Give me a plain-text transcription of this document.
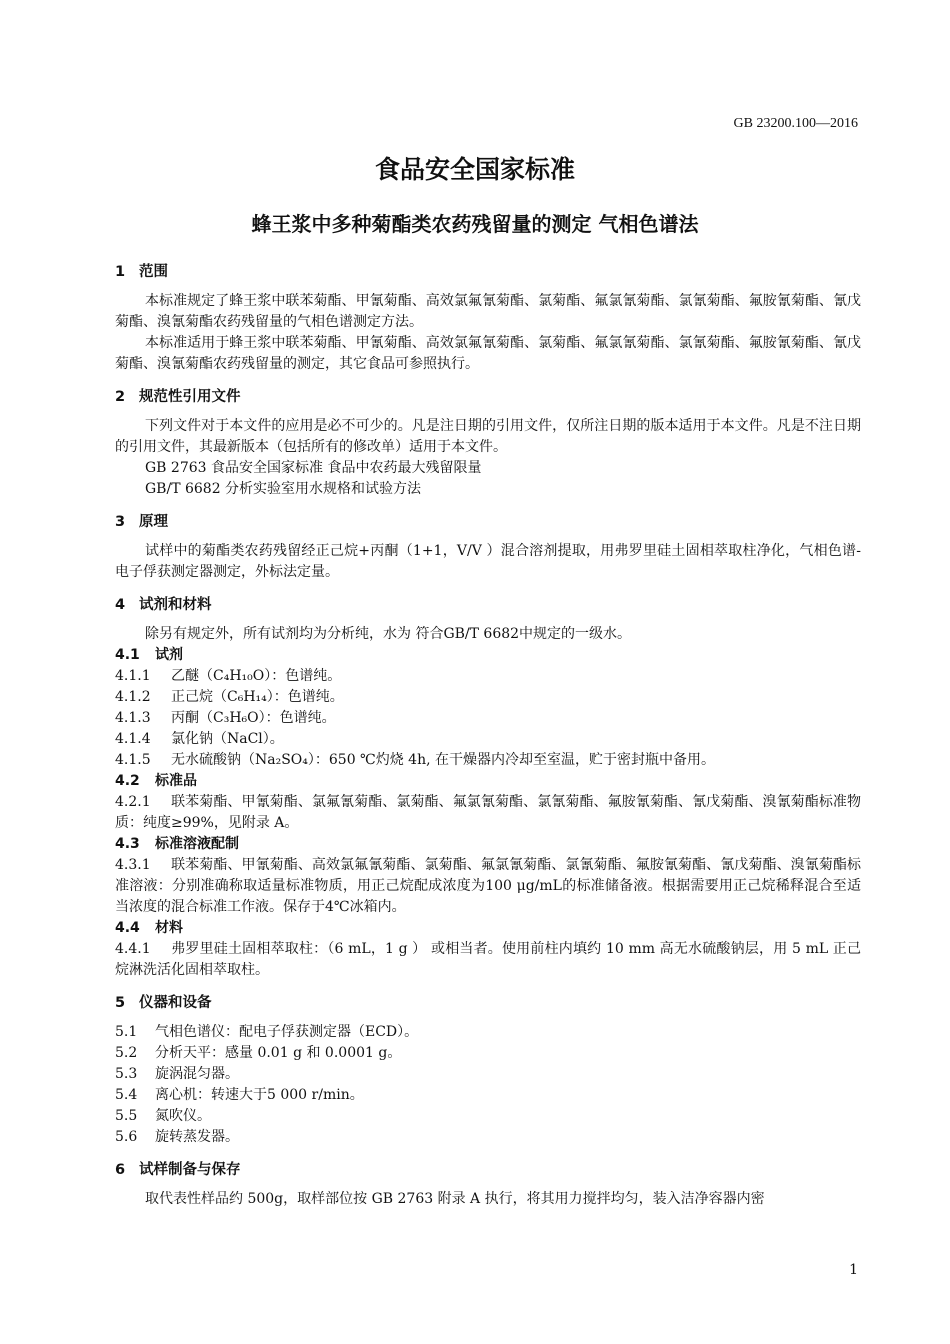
GB 23200.100—2016
食品安全国家标准
蜂王浆中多种菊酯类农药残留量的测定 气相色谱法
1 范围

本标准规定了蜂王浆中联苯菊酯、甲氰菊酯、高效氯氟氰菊酯、氯菊酯、氟氯氰菊酯、氯氰菊酯、氟胺氰菊酯、氰戊菊酯、溴氰菊酯农药残留量的气相色谱测定方法。

本标准适用于蜂王浆中联苯菊酯、甲氰菊酯、高效氯氟氰菊酯、氯菊酯、氟氯氰菊酯、氯氰菊酯、氟胺氰菊酯、氰戊菊酯、溴氰菊酯农药残留量的测定，其它食品可参照执行。

2 规范性引用文件

下列文件对于本文件的应用是必不可少的。凡是注日期的引用文件，仅所注日期的版本适用于本文件。凡是不注日期的引用文件，其最新版本（包括所有的修改单）适用于本文件。

GB 2763 食品安全国家标准 食品中农药最大残留限量

GB/T 6682 分析实验室用水规格和试验方法

3 原理

试样中的菊酯类农药残留经正己烷+丙酮（1+1，V/V ）混合溶剂提取，用弗罗里硅土固相萃取柱净化，气相色谱-电子俘获测定器测定，外标法定量。

4 试剂和材料

除另有规定外，所有试剂均为分析纯，水为 符合GB/T 6682中规定的一级水。

4.1 试剂

4.1.1 乙醚（C₄H₁₀O）：色谱纯。

4.1.2 正己烷（C₆H₁₄）：色谱纯。

4.1.3 丙酮（C₃H₆O）：色谱纯。

4.1.4 氯化钠（NaCl）。

4.1.5 无水硫酸钠（Na₂SO₄）：650 ℃灼烧 4h, 在干燥器内冷却至室温，贮于密封瓶中备用。

4.2 标准品

4.2.1 联苯菊酯、甲氰菊酯、氯氟氰菊酯、氯菊酯、氟氯氰菊酯、氯氰菊酯、氟胺氰菊酯、氰戊菊酯、溴氰菊酯标准物质：纯度≥99%，见附录 A。

4.3 标准溶液配制

4.3.1 联苯菊酯、甲氰菊酯、高效氯氟氰菊酯、氯菊酯、氟氯氰菊酯、氯氰菊酯、氟胺氰菊酯、氰戊菊酯、溴氰菊酯标准溶液：分别准确称取适量标准物质，用正己烷配成浓度为100 μg/mL的标准储备液。根据需要用正己烷稀释混合至适当浓度的混合标准工作液。保存于4℃冰箱内。

4.4 材料

4.4.1 弗罗里硅土固相萃取柱：（6 mL，1 g ） 或相当者。使用前柱内填约 10 mm 高无水硫酸钠层，用 5 mL 正己烷淋洗活化固相萃取柱。

5 仪器和设备

5.1 气相色谱仪：配电子俘获测定器（ECD）。

5.2 分析天平：感量 0.01 g 和 0.0001 g。

5.3 旋涡混匀器。

5.4 离心机：转速大于5 000 r/min。

5.5 氮吹仪。

5.6 旋转蒸发器。

6 试样制备与保存

取代表性样品约 500g，取样部位按 GB 2763 附录 A 执行，将其用力搅拌均匀，装入洁净容器内密

1
